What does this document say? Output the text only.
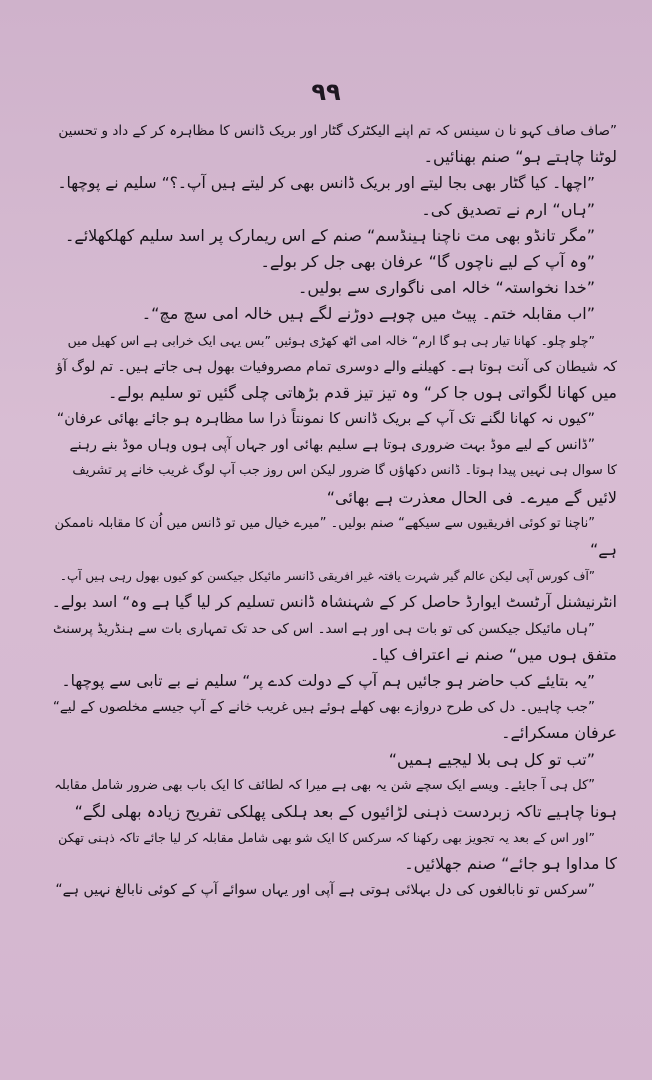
۹۹
”صاف صاف کہو نا ن سینس کہ تم اپنے الیکٹرک گٹار اور بریک ڈانس کا مظاہرہ کر کے داد و تحسین
لوٹنا چاہتے ہو“ صنم بھنائیں۔
”اچھا۔ کیا گٹار بھی بجا لیتے اور بریک ڈانس بھی کر لیتے ہیں آپ۔؟“ سلیم نے پوچھا۔
”ہاں“ ارم نے تصدیق کی۔
”مگر تانڈو بھی مت ناچنا ہینڈسم“ صنم کے اس ریمارک پر اسد سلیم کھلکھلائے۔
”وہ آپ کے لیے ناچوں گا“ عرفان بھی جل کر بولے۔
”خدا نخواستہ“ خالہ امی ناگواری سے بولیں۔
”اب مقابلہ ختم۔ پیٹ میں چوہے دوڑنے لگے ہیں خالہ امی سچ مچ“۔
”چلو چلو۔ کھانا تیار ہی ہو گا ارم“ خالہ امی اٹھ کھڑی ہوئیں ”بس یہی ایک خرابی ہے اس کھیل میں
کہ شیطان کی آنت ہوتا ہے۔ کھیلنے والے دوسری تمام مصروفیات بھول ہی جاتے ہیں۔ تم لوگ آؤ
میں کھانا لگواتی ہوں جا کر“ وہ تیز تیز قدم بڑھاتی چلی گئیں تو سلیم بولے۔
”کیوں نہ کھانا لگنے تک آپ کے بریک ڈانس کا نمونتاً ذرا سا مظاہرہ ہو جائے بھائی عرفان“
”ڈانس کے لیے موڈ بہت ضروری ہوتا ہے سلیم بھائی اور جہاں آپی ہوں وہاں موڈ بنے رہنے
کا سوال ہی نہیں پیدا ہوتا۔ ڈانس دکھاؤں گا ضرور لیکن اس روز جب آپ لوگ غریب خانے پر تشریف
لائیں گے میرے۔ فی الحال معذرت ہے بھائی“
”ناچنا تو کوئی افریقیوں سے سیکھے“ صنم بولیں۔ ”میرے خیال میں تو ڈانس میں اُن کا مقابلہ ناممکن
ہے“
”آف کورس آپی لیکن عالم گیر شہرت یافتہ غیر افریقی ڈانسر مائیکل جیکسن کو کیوں بھول رہی ہیں آپ۔
انٹرنیشنل آرٹسٹ ایوارڈ حاصل کر کے شہنشاہ ڈانس تسلیم کر لیا گیا ہے وہ“ اسد بولے۔
”ہاں مائیکل جیکسن کی تو بات ہی اور ہے اسد۔ اس کی حد تک تمہاری بات سے ہنڈریڈ پرسنٹ
متفق ہوں میں“ صنم نے اعتراف کیا۔
”یہ بتایئے کب حاضر ہو جائیں ہم آپ کے دولت کدے پر“ سلیم نے بے تابی سے پوچھا۔
”جب چاہیں۔ دل کی طرح دروازے بھی کھلے ہوئے ہیں غریب خانے کے آپ جیسے مخلصوں کے لیے“
عرفان مسکرائے۔
”تب تو کل ہی بلا لیجیے ہمیں“
”کل ہی آ جایئے۔ ویسے ایک سچے شن یہ بھی ہے میرا کہ لطائف کا ایک باب بھی ضرور شامل مقابلہ
ہونا چاہیے تاکہ زبردست ذہنی لڑائیوں کے بعد ہلکی پھلکی تفریح زیادہ بھلی لگے“
”اور اس کے بعد یہ تجویز بھی رکھنا کہ سرکس کا ایک شو بھی شامل مقابلہ کر لیا جائے تاکہ ذہنی تھکن
کا مداوا ہو جائے“ صنم جھلائیں۔
”سرکس تو نابالغوں کی دل بہلائی ہوتی ہے آپی اور یہاں سوائے آپ کے کوئی نابالغ نہیں ہے“
